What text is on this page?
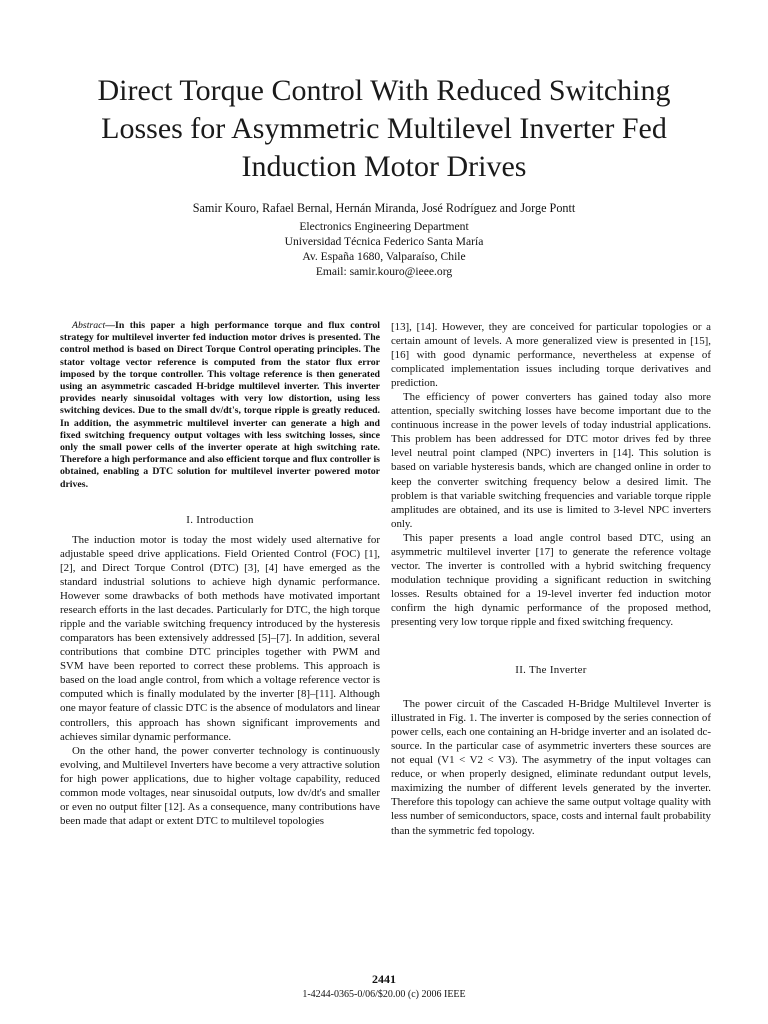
Direct Torque Control With Reduced Switching Losses for Asymmetric Multilevel Inverter Fed Induction Motor Drives
Samir Kouro, Rafael Bernal, Hernán Miranda, José Rodríguez and Jorge Pontt
Electronics Engineering Department
Universidad Técnica Federico Santa María
Av. España 1680, Valparaíso, Chile
Email: samir.kouro@ieee.org

Abstract—In this paper a high performance torque and flux control strategy for multilevel inverter fed induction motor drives is presented. The control method is based on Direct Torque Control operating principles. The stator voltage vector reference is computed from the stator flux error imposed by the torque controller. This voltage reference is then generated using an asymmetric cascaded H-bridge multilevel inverter. This inverter provides nearly sinusoidal voltages with very low distortion, using less switching devices. Due to the small dv/dt's, torque ripple is greatly reduced. In addition, the asymmetric multilevel inverter can generate a high and fixed switching frequency output voltages with less switching losses, since only the small power cells of the inverter operate at high switching rate. Therefore a high performance and also efficient torque and flux controller is obtained, enabling a DTC solution for multilevel inverter powered motor drives.

I. Introduction

The induction motor is today the most widely used alternative for adjustable speed drive applications. Field Oriented Control (FOC) [1], [2], and Direct Torque Control (DTC) [3], [4] have emerged as the standard industrial solutions to achieve high dynamic performance. However some drawbacks of both methods have motivated important research efforts in the last decades. Particularly for DTC, the high torque ripple and the variable switching frequency introduced by the hysteresis comparators has been extensively addressed [5]–[7]. In addition, several contributions that combine DTC principles together with PWM and SVM have been reported to correct these problems. This approach is based on the load angle control, from which a voltage reference vector is computed which is finally modulated by the inverter [8]–[11]. Although one mayor feature of classic DTC is the absence of modulators and linear controllers, this approach has shown significant improvements and achieves similar dynamic performance.

On the other hand, the power converter technology is continuously evolving, and Multilevel Inverters have become a very attractive solution for high power applications, due to higher voltage capability, reduced common mode voltages, near sinusoidal outputs, low dv/dt's and smaller or even no output filter [12]. As a consequence, many contributions have been made that adapt or extent DTC to multilevel topologies

[13], [14]. However, they are conceived for particular topologies or a certain amount of levels. A more generalized view is presented in [15], [16] with good dynamic performance, nevertheless at expense of complicated implementation issues including torque derivatives and prediction.

The efficiency of power converters has gained today also more attention, specially switching losses have become important due to the continuous increase in the power levels of today industrial applications. This problem has been addressed for DTC motor drives fed by three level neutral point clamped (NPC) inverters in [14]. This solution is based on variable hysteresis bands, which are changed online in order to keep the converter switching frequency below a desired limit. The problem is that variable switching frequencies and variable torque ripple amplitudes are obtained, and its use is limited to 3-level NPC inverters only.

This paper presents a load angle control based DTC, using an asymmetric multilevel inverter [17] to generate the reference voltage vector. The inverter is controlled with a hybrid switching frequency modulation technique providing a significant reduction in switching losses. Results obtained for a 19-level inverter fed induction motor confirm the high dynamic performance of the proposed method, presenting very low torque ripple and fixed switching frequency.

II. The Inverter

The power circuit of the Cascaded H-Bridge Multilevel Inverter is illustrated in Fig. 1. The inverter is composed by the series connection of power cells, each one containing an H-bridge inverter and an isolated dc-source. In the particular case of asymmetric inverters these sources are not equal (V1 < V2 < V3). The asymmetry of the input voltages can reduce, or when properly designed, eliminate redundant output levels, maximizing the number of different levels generated by the inverter. Therefore this topology can achieve the same output voltage quality with less number of semiconductors, space, costs and internal fault probability than the symmetric fed topology.

2441
1-4244-0365-0/06/$20.00 (c) 2006 IEEE
